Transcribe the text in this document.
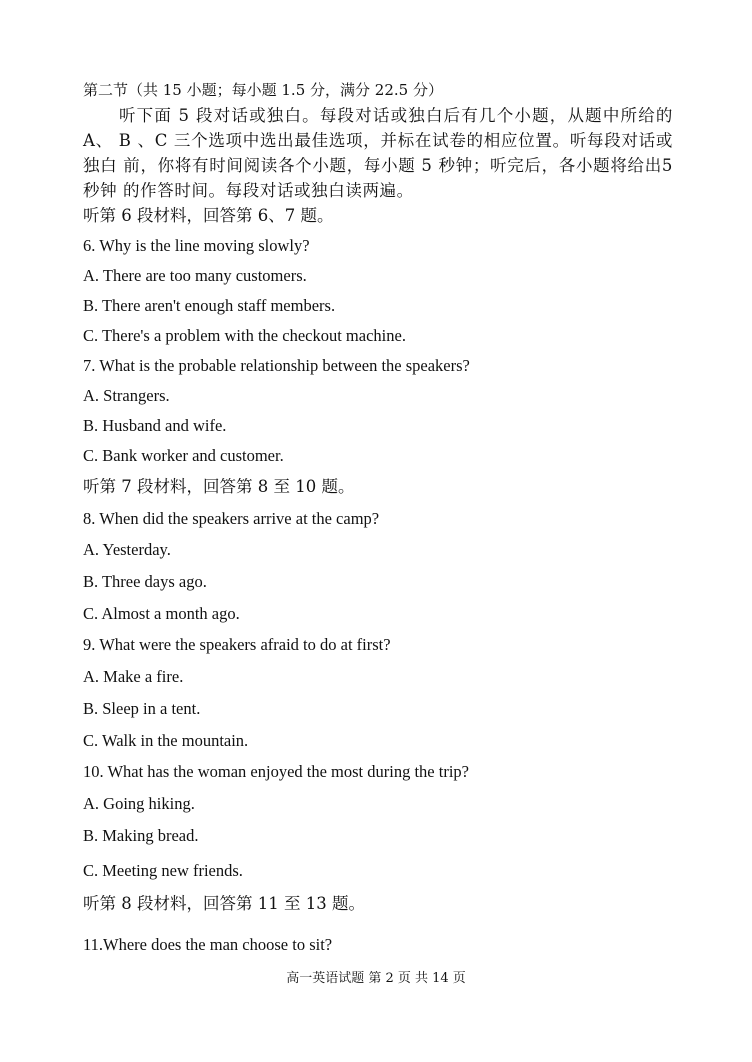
第二节（共 15 小题；每小题 1.5 分，满分 22.5 分）
听下面 5 段对话或独白。每段对话或独白后有几个小题，从题中所给的A、 B 、C 三个选项中选出最佳选项，并标在试卷的相应位置。听每段对话或独白 前，你将有时间阅读各个小题，每小题 5 秒钟；听完后，各小题将给出5 秒钟 的作答时间。每段对话或独白读两遍。
听第 6 段材料，回答第 6、7 题。
6. Why is the line moving slowly?
A. There are too many customers.
B. There aren't enough staff members.
C. There's a problem with the checkout machine.
7. What is the probable relationship between the speakers?
A. Strangers.
B. Husband and wife.
C. Bank worker and customer.
听第 7 段材料，回答第 8 至 10 题。
8. When did the speakers arrive at the camp?
A. Yesterday.
B. Three days ago.
C. Almost a month ago.
9. What were the speakers afraid to do at first?
A. Make a fire.
B. Sleep in a tent.
C. Walk in the mountain.
10. What has the woman enjoyed the most during the trip?
A. Going hiking.
B. Making bread.
C. Meeting new friends.
听第 8 段材料，回答第 11 至 13 题。
11.Where does the man choose to sit?
高一英语试题 第 2 页 共 14 页
